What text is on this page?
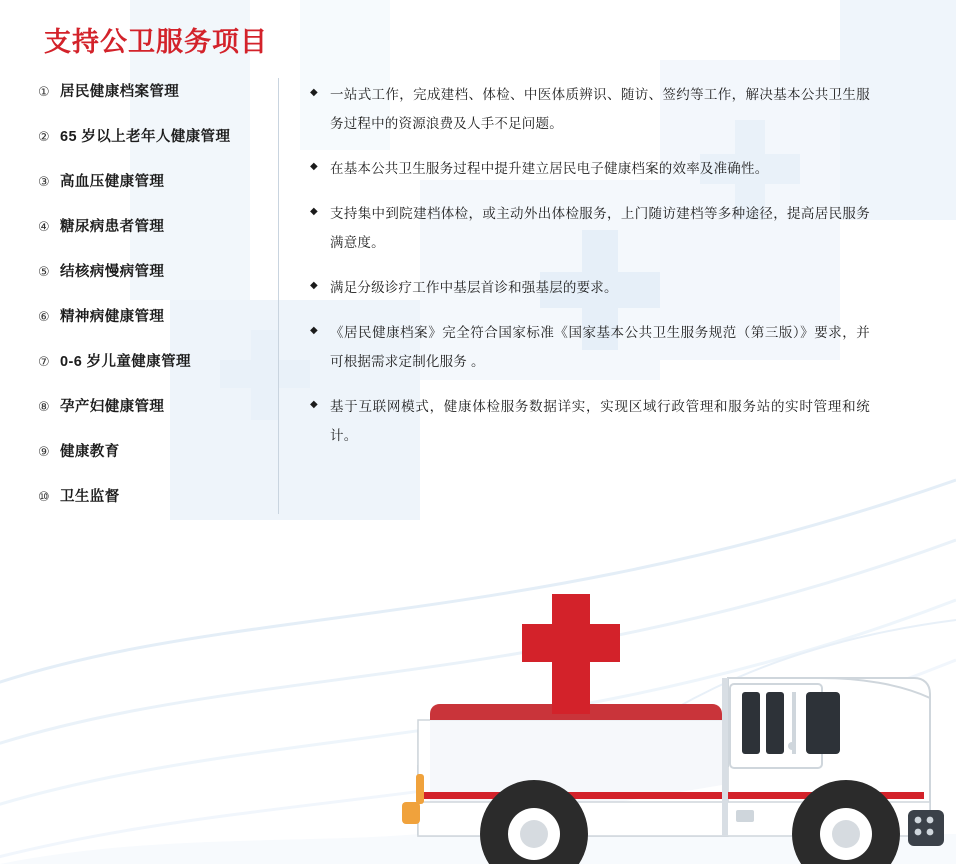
支持公卫服务项目
① 居民健康档案管理
② 65 岁以上老年人健康管理
③ 高血压健康管理
④ 糖尿病患者管理
⑤ 结核病慢病管理
⑥ 精神病健康管理
⑦ 0-6 岁儿童健康管理
⑧ 孕产妇健康管理
⑨ 健康教育
⑩ 卫生监督
◆ 一站式工作，完成建档、体检、中医体质辨识、随访、签约等工作，解决基本公共卫生服务过程中的资源浪费及人手不足问题。
◆ 在基本公共卫生服务过程中提升建立居民电子健康档案的效率及准确性。
◆ 支持集中到院建档体检，或主动外出体检服务，上门随访建档等多种途径，提高居民服务满意度。
◆ 满足分级诊疗工作中基层首诊和强基层的要求。
◆ 《居民健康档案》完全符合国家标准《国家基本公共卫生服务规范（第三版）》要求，并可根据需求定制化服务 。
◆ 基于互联网模式，健康体检服务数据详实，实现区域行政管理和服务站的实时管理和统计。
